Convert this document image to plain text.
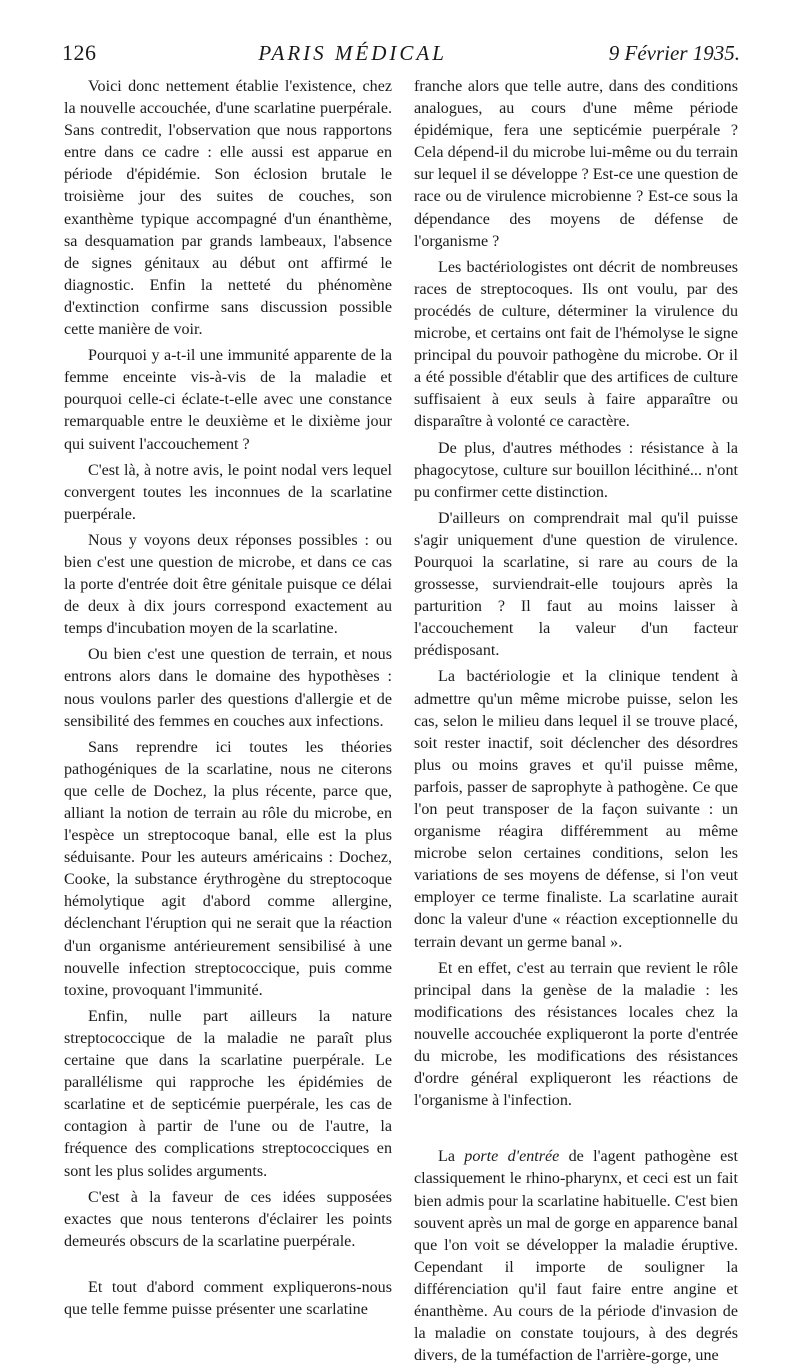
126	PARIS MÉDICAL	9 Février 1935.

Voici donc nettement établie l'existence, chez la nouvelle accouchée, d'une scarlatine puerpérale. Sans contredit, l'observation que nous rapportons entre dans ce cadre : elle aussi est apparue en période d'épidémie. Son éclosion brutale le troisième jour des suites de couches, son exanthème typique accompagné d'un énanthème, sa desquamation par grands lambeaux, l'absence de signes génitaux au début ont affirmé le diagnostic. Enfin la netteté du phénomène d'extinction confirme sans discussion possible cette manière de voir.

Pourquoi y a-t-il une immunité apparente de la femme enceinte vis-à-vis de la maladie et pourquoi celle-ci éclate-t-elle avec une constance remarquable entre le deuxième et le dixième jour qui suivent l'accouchement ?

C'est là, à notre avis, le point nodal vers lequel convergent toutes les inconnues de la scarlatine puerpérale.

Nous y voyons deux réponses possibles : ou bien c'est une question de microbe, et dans ce cas la porte d'entrée doit être génitale puisque ce délai de deux à dix jours correspond exactement au temps d'incubation moyen de la scarlatine.

Ou bien c'est une question de terrain, et nous entrons alors dans le domaine des hypothèses : nous voulons parler des questions d'allergie et de sensibilité des femmes en couches aux infections.

Sans reprendre ici toutes les théories pathogéniques de la scarlatine, nous ne citerons que celle de Dochez, la plus récente, parce que, alliant la notion de terrain au rôle du microbe, en l'espèce un streptocoque banal, elle est la plus séduisante. Pour les auteurs américains : Dochez, Cooke, la substance érythrogène du streptocoque hémolytique agit d'abord comme allergine, déclenchant l'éruption qui ne serait que la réaction d'un organisme antérieurement sensibilisé à une nouvelle infection streptococcique, puis comme toxine, provoquant l'immunité.

Enfin, nulle part ailleurs la nature streptococcique de la maladie ne paraît plus certaine que dans la scarlatine puerpérale. Le parallélisme qui rapproche les épidémies de scarlatine et de septicémie puerpérale, les cas de contagion à partir de l'une ou de l'autre, la fréquence des complications streptococciques en sont les plus solides arguments.

C'est à la faveur de ces idées supposées exactes que nous tenterons d'éclairer les points demeurés obscurs de la scarlatine puerpérale.

Et tout d'abord comment expliquerons-nous que telle femme puisse présenter une scarlatine

franche alors que telle autre, dans des conditions analogues, au cours d'une même période épidémique, fera une septicémie puerpérale ? Cela dépend-il du microbe lui-même ou du terrain sur lequel il se développe ? Est-ce une question de race ou de virulence microbienne ? Est-ce sous la dépendance des moyens de défense de l'organisme ?

Les bactériologistes ont décrit de nombreuses races de streptocoques. Ils ont voulu, par des procédés de culture, déterminer la virulence du microbe, et certains ont fait de l'hémolyse le signe principal du pouvoir pathogène du microbe. Or il a été possible d'établir que des artifices de culture suffisaient à eux seuls à faire apparaître ou disparaître à volonté ce caractère.

De plus, d'autres méthodes : résistance à la phagocytose, culture sur bouillon lécithiné... n'ont pu confirmer cette distinction.

D'ailleurs on comprendrait mal qu'il puisse s'agir uniquement d'une question de virulence. Pourquoi la scarlatine, si rare au cours de la grossesse, surviendrait-elle toujours après la parturition ? Il faut au moins laisser à l'accouchement la valeur d'un facteur prédisposant.

La bactériologie et la clinique tendent à admettre qu'un même microbe puisse, selon les cas, selon le milieu dans lequel il se trouve placé, soit rester inactif, soit déclencher des désordres plus ou moins graves et qu'il puisse même, parfois, passer de saprophyte à pathogène. Ce que l'on peut transposer de la façon suivante : un organisme réagira différemment au même microbe selon certaines conditions, selon les variations de ses moyens de défense, si l'on veut employer ce terme finaliste. La scarlatine aurait donc la valeur d'une « réaction exceptionnelle du terrain devant un germe banal ».

Et en effet, c'est au terrain que revient le rôle principal dans la genèse de la maladie : les modifications des résistances locales chez la nouvelle accouchée expliqueront la porte d'entrée du microbe, les modifications des résistances d'ordre général expliqueront les réactions de l'organisme à l'infection.

La porte d'entrée de l'agent pathogène est classiquement le rhino-pharynx, et ceci est un fait bien admis pour la scarlatine habituelle. C'est bien souvent après un mal de gorge en apparence banal que l'on voit se développer la maladie éruptive. Cependant il importe de souligner la différenciation qu'il faut faire entre angine et énanthème. Au cours de la période d'invasion de la maladie on constate toujours, à des degrés divers, de la tuméfaction de l'arrière-gorge, une
